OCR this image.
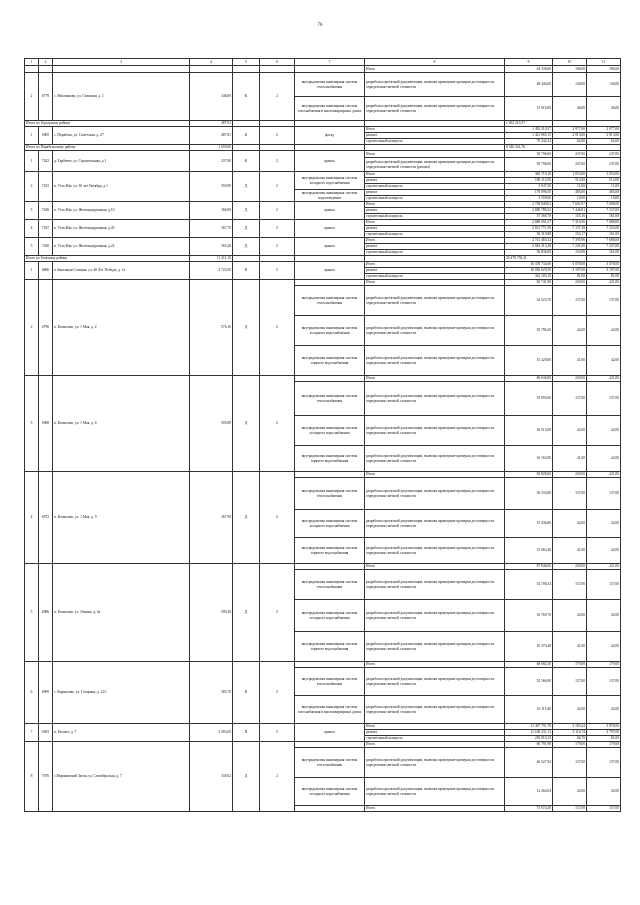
76
1	2	3	4	5	6	7	8	9	10	11
							Итого	64 336,06	186,00	186,00
2	6779	с. Моычаново, ул. Стишкин, д. 1	346,00	К	2	внутридомовая инженерная система теплоснабжения	разработка проектной документации, включая проведение проверки достоверности определения сметной стоимости	48 444,60	140,00	140,00

						внутридомовая инженерная система газоснабжения в многоквартирных домах	разработка проектной документации, включая проведение проверки достоверности определения сметной стоимости	15 916,00	46,00	46,00

Итого по Городскому району			487,81					1 492 210,37		
1	6965	с. Порабель, ул. Советская, д. 27	487,81	К	2	фасад	Итого	1 492 210,37	2 977,00	2 977,00
							ремонт	1 421 965,15	2 913,00	2 913,00
							строительный контроль	70 244,22	62,00	62,00
Итого по Парабельскому району			1 659,60					8 346 341,76		
1	7422	д. Тарбеево, ул. Строительная, д.1	237,80	К	2	крыша	Итого	58 796,60	247,00	247,00
							разработка проектной документации, включая проведение проверки достоверности определения сметной стоимости (ремонт)	58 796,60	247,00	247,00
2	7433	п. Усть-Юн, ул. 50 лет Октября, д.1	350,90	Д	2	внутридомовая инженерная система холодного водоснабжения	Итого	365 719,10	1 053,00	1 053,00
							ремонт	190 115,50	513,00	513,00
							строительный контроль	3 947,50	11,00	11,00
						внутридомовая инженерная система водоотведения	ремонт	170 096,50	485,00	485,00
							строительный контроль	3 559,60	10,00	10,00
3	7436	п. Усть-Юн, ул. Железнодорожная, д.10	366,90	Д	2	крыша	Итого	2 738 849,02	7 601,97	7 688,00
							ремонт	2 680 786,32	7 446,81	7 537,00
							строительный контроль	57 368,70	155,16	161,00
4	7437	п. Усть-Юн, ул. Железнодорожная, д.20	367,70	Д	2	крыша	Итого	2 688 091,27	7 310,56	7 688,00
							ремонт	2 631 771,39	7 157,39	7 525,00
							строительный контроль	56 319,88	153,17	161,00
5	7438	п. Усть-Юн, ул. Железнодорожная, д.22	365,20	Д	2	крыша	Итого	2 741 465,32	7 395,96	7 688,00
							ремонт	2 684 415,28	7 241,00	7 527,00
							строительный контроль	56 836,69	154,96	161,00
Итого по Томскому району			11 411,10					26 478 750,21		
1	6866	п.Зональная Станция, ул. 40 Лет Победы, д. 1а	4 723,50	К	5	крыша	Итого	16 378 734,60	3 078,00	3 078,00
							ремонт	16 036 629,50	3 197,00	3 197,00
							строительный контроль	342 105,10	81,00	81,00
2	6796	п. Копылово, ул. 1 Мая, д. 2	576,10	Д	2		Итого	82 741,90	220,00	221,00
						внутридомовая инженерная система теплоснабжения	разработка проектной документации, включая проведение проверки достоверности определения сметной стоимости	34 523,70	137,00	137,00

						внутридомовая инженерная система холодного водоснабжения	разработка проектной документации, включая проведение проверки достоверности определения сметной стоимости	35 796,20	42,00	42,00

						внутридомовая инженерная система горячего водоснабжения	разработка проектной документации, включая проведение проверки достоверности определения сметной стоимости	15 429,00	41,00	42,00

3	6968	п. Копылово, ул. 1 Мая, д. 6	595,80	Д	2		Итого	86 636,00	220,00	221,00
						внутридомовая инженерная система теплоснабжения	разработка проектной документации, включая проведение проверки достоверности определения сметной стоимости	53 959,60	137,00	137,00

						внутридомовая инженерная система холодного водоснабжения	разработка проектной документации, включая проведение проверки достоверности определения сметной стоимости	16 513,00	42,00	42,00

						внутридомовая инженерная система горячего водоснабжения	разработка проектной документации, включая проведение проверки достоверности определения сметной стоимости	16 163,80	41,00	42,00

4	6972	п. Копылово, ул. 1 Мая, д. 9	367,90	Д	2		Итого	84 828,60	220,00	221,00
						внутридомовая инженерная система теплоснабжения	разработка проектной документации, включая проведение проверки достоверности определения сметной стоимости	56 333,80	137,00	137,00

						внутридомовая инженерная система холодного водоснабжения	разработка проектной документации, включая проведение проверки достоверности определения сметной стоимости	15 436,86	42,00	42,00

						внутридомовая инженерная система горячего водоснабжения	разработка проектной документации, включая проведение проверки достоверности определения сметной стоимости	15 063,40	41,00	42,00

5	6986	п. Копылово, ул. Ленина, д. 6а	599,28	Д	2		Итого	87 846,60	220,00	221,00
						внутридомовая инженерная система теплоснабжения	разработка проектной документации, включая проведение проверки достоверности определения сметной стоимости	54 708,34	137,00	137,00

						внутридомовая инженерная система холодного водоснабжения	разработка проектной документации, включая проведение проверки достоверности определения сметной стоимости	16 769,76	42,00	42,00

						внутридомовая инженерная система горячего водоснабжения	разработка проектной документации, включая проведение проверки достоверности определения сметной стоимости	16 370,48	41,00	42,00

6	6999	с. Корнилово, ул. Гагарина, д. 12/1	385,70	К	2		Итого	68 682,30	179,00	179,00
						внутридомовая инженерная система теплоснабжения	разработка проектной документации, включая проведение проверки достоверности определения сметной стоимости	52 566,90	137,00	137,00

						внутридомовая инженерная система газоснабжения в многоквартирных домах	разработка проектной документации, включая проведение проверки достоверности определения сметной стоимости	16 115,40	42,00	42,00

7	6593	п. Рассвет, д. 7	3 583,00	П	5	крыша	Итого	11 407 791,78	3 183,44	3 878,00
							ремонт	11 168 231,13	3 116,74	3 797,00
							строительный контроль	239 010,15	66,70	81,00
8	7076	с.Моряковский Затон, ул. Сентябрьская, д. 7	330,62	Д	2		Итого	60 791,98	179,00	179,00
						внутридомовая инженерная система теплоснабжения	разработка проектной документации, включая проведение проверки достоверности определения сметной стоимости	46 527,94	137,00	137,00

						внутридомовая инженерная система холодного водоснабжения	разработка проектной документации, включая проведение проверки достоверности определения сметной стоимости	14 264,04	42,00	42,00

							Итого	73 674,49	137,00	137,00
